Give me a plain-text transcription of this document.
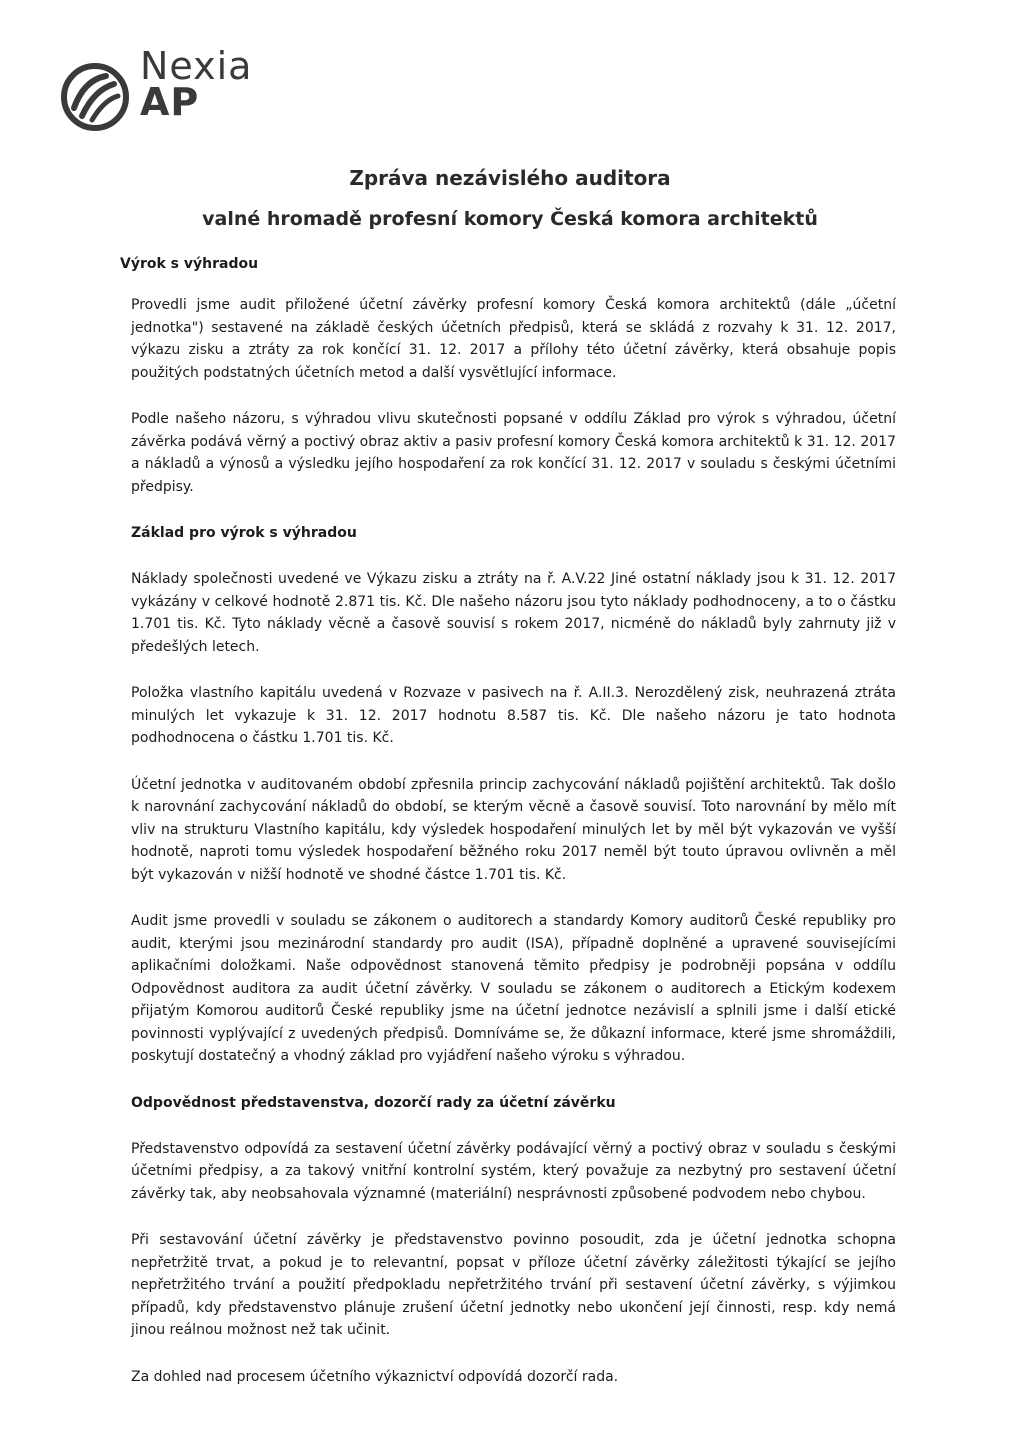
Nexia
AP
Zpráva nezávislého auditora
valné hromadě profesní komory Česká komora architektů
Výrok s výhradou

Provedli jsme audit přiložené účetní závěrky profesní komory Česká komora architektů (dále „účetní jednotka") sestavené na základě českých účetních předpisů, která se skládá z rozvahy k 31. 12. 2017, výkazu zisku a ztráty za rok končící 31. 12. 2017 a přílohy této účetní závěrky, která obsahuje popis použitých podstatných účetních metod a další vysvětlující informace.

Podle našeho názoru, s výhradou vlivu skutečnosti popsané v oddílu Základ pro výrok s výhradou, účetní závěrka podává věrný a poctivý obraz aktiv a pasiv profesní komory Česká komora architektů k 31. 12. 2017 a nákladů a výnosů a výsledku jejího hospodaření za rok končící 31. 12. 2017 v souladu s českými účetními předpisy.

Základ pro výrok s výhradou

Náklady společnosti uvedené ve Výkazu zisku a ztráty na ř. A.V.22 Jiné ostatní náklady jsou k 31. 12. 2017 vykázány v celkové hodnotě 2.871 tis. Kč. Dle našeho názoru jsou tyto náklady podhodnoceny, a to o částku 1.701 tis. Kč. Tyto náklady věcně a časově souvisí s rokem 2017, nicméně do nákladů byly zahrnuty již v předešlých letech.

Položka vlastního kapitálu uvedená v Rozvaze v pasivech na ř. A.II.3. Nerozdělený zisk, neuhrazená ztráta minulých let vykazuje k 31. 12. 2017 hodnotu 8.587 tis. Kč. Dle našeho názoru je tato hodnota podhodnocena o částku 1.701 tis. Kč.

Účetní jednotka v auditovaném období zpřesnila princip zachycování nákladů pojištění architektů. Tak došlo k narovnání zachycování nákladů do období, se kterým věcně a časově souvisí. Toto narovnání by mělo mít vliv na strukturu Vlastního kapitálu, kdy výsledek hospodaření minulých let by měl být vykazován ve vyšší hodnotě, naproti tomu výsledek hospodaření běžného roku 2017 neměl být touto úpravou ovlivněn a měl být vykazován v nižší hodnotě ve shodné částce 1.701 tis. Kč.

Audit jsme provedli v souladu se zákonem o auditorech a standardy Komory auditorů České republiky pro audit, kterými jsou mezinárodní standardy pro audit (ISA), případně doplněné a upravené souvisejícími aplikačními doložkami. Naše odpovědnost stanovená těmito předpisy je podrobněji popsána v oddílu Odpovědnost auditora za audit účetní závěrky. V souladu se zákonem o auditorech a Etickým kodexem přijatým Komorou auditorů České republiky jsme na účetní jednotce nezávislí a splnili jsme i další etické povinnosti vyplývající z uvedených předpisů. Domníváme se, že důkazní informace, které jsme shromáždili, poskytují dostatečný a vhodný základ pro vyjádření našeho výroku s výhradou.

Odpovědnost představenstva, dozorčí rady za účetní závěrku

Představenstvo odpovídá za sestavení účetní závěrky podávající věrný a poctivý obraz v souladu s českými účetními předpisy, a za takový vnitřní kontrolní systém, který považuje za nezbytný pro sestavení účetní závěrky tak, aby neobsahovala významné (materiální) nesprávnosti způsobené podvodem nebo chybou.

Při sestavování účetní závěrky je představenstvo povinno posoudit, zda je účetní jednotka schopna nepřetržitě trvat, a pokud je to relevantní, popsat v příloze účetní závěrky záležitosti týkající se jejího nepřetržitého trvání a použití předpokladu nepřetržitého trvání při sestavení účetní závěrky, s výjimkou případů, kdy představenstvo plánuje zrušení účetní jednotky nebo ukončení její činnosti, resp. kdy nemá jinou reálnou možnost než tak učinit.

Za dohled nad procesem účetního výkaznictví odpovídá dozorčí rada.
